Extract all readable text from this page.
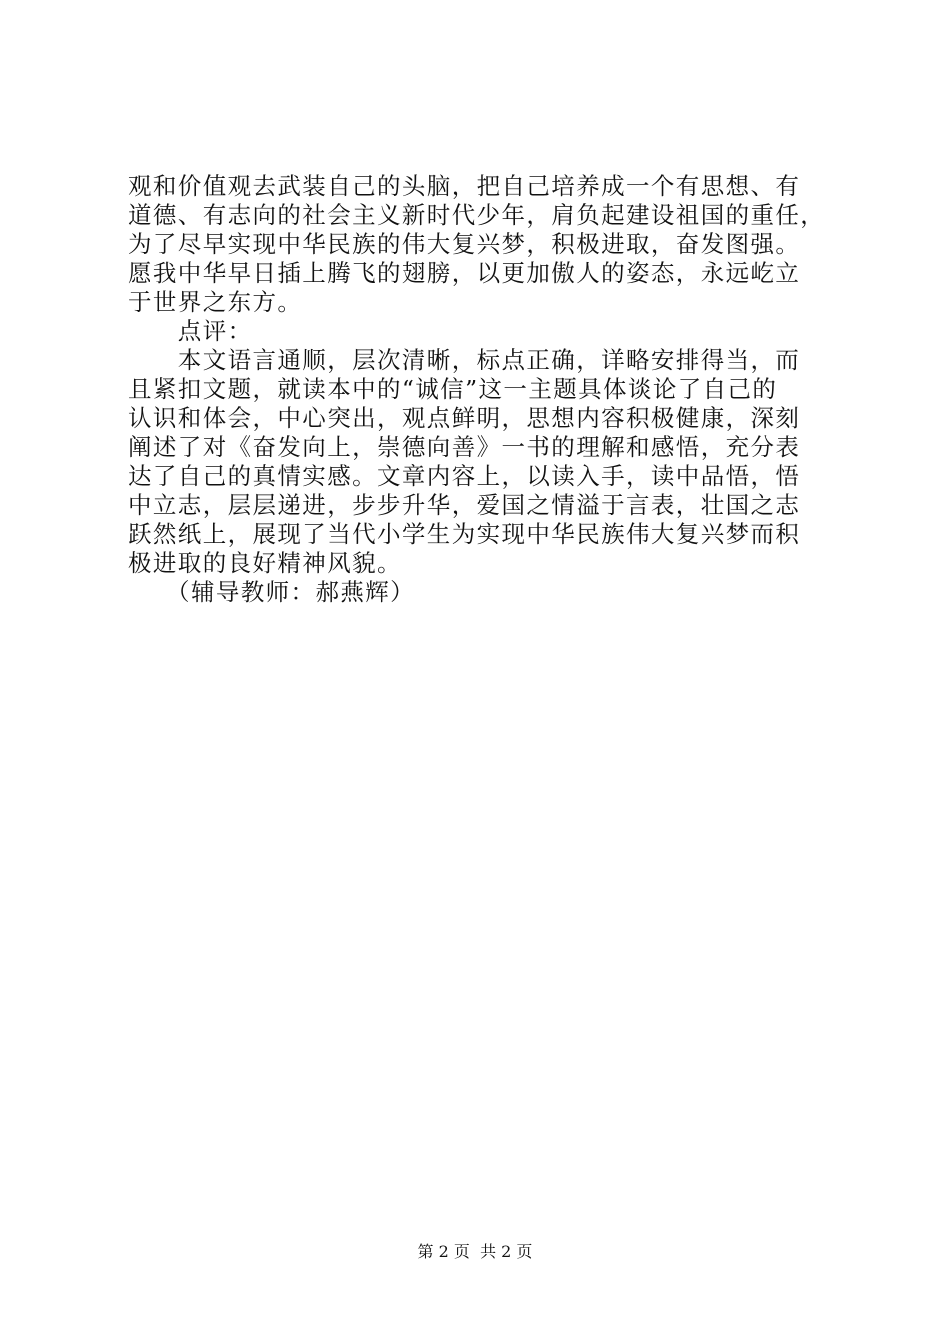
观和价值观去武装自己的头脑，把自己培养成一个有思想、有
道德、有志向的社会主义新时代少年，肩负起建设祖国的重任，
为了尽早实现中华民族的伟大复兴梦，积极进取，奋发图强。
愿我中华早日插上腾飞的翅膀，以更加傲人的姿态，永远屹立
于世界之东方。
　　点评：
　　本文语言通顺，层次清晰，标点正确，详略安排得当，而
且紧扣文题，就读本中的“诚信”这一主题具体谈论了自己的
认识和体会，中心突出，观点鲜明，思想内容积极健康，深刻
阐述了对《奋发向上，崇德向善》一书的理解和感悟，充分表
达了自己的真情实感。文章内容上，以读入手，读中品悟，悟
中立志，层层递进，步步升华，爱国之情溢于言表，壮国之志
跃然纸上，展现了当代小学生为实现中华民族伟大复兴梦而积
极进取的良好精神风貌。
　　（辅导教师：郝燕辉）
第 2 页  共 2 页
